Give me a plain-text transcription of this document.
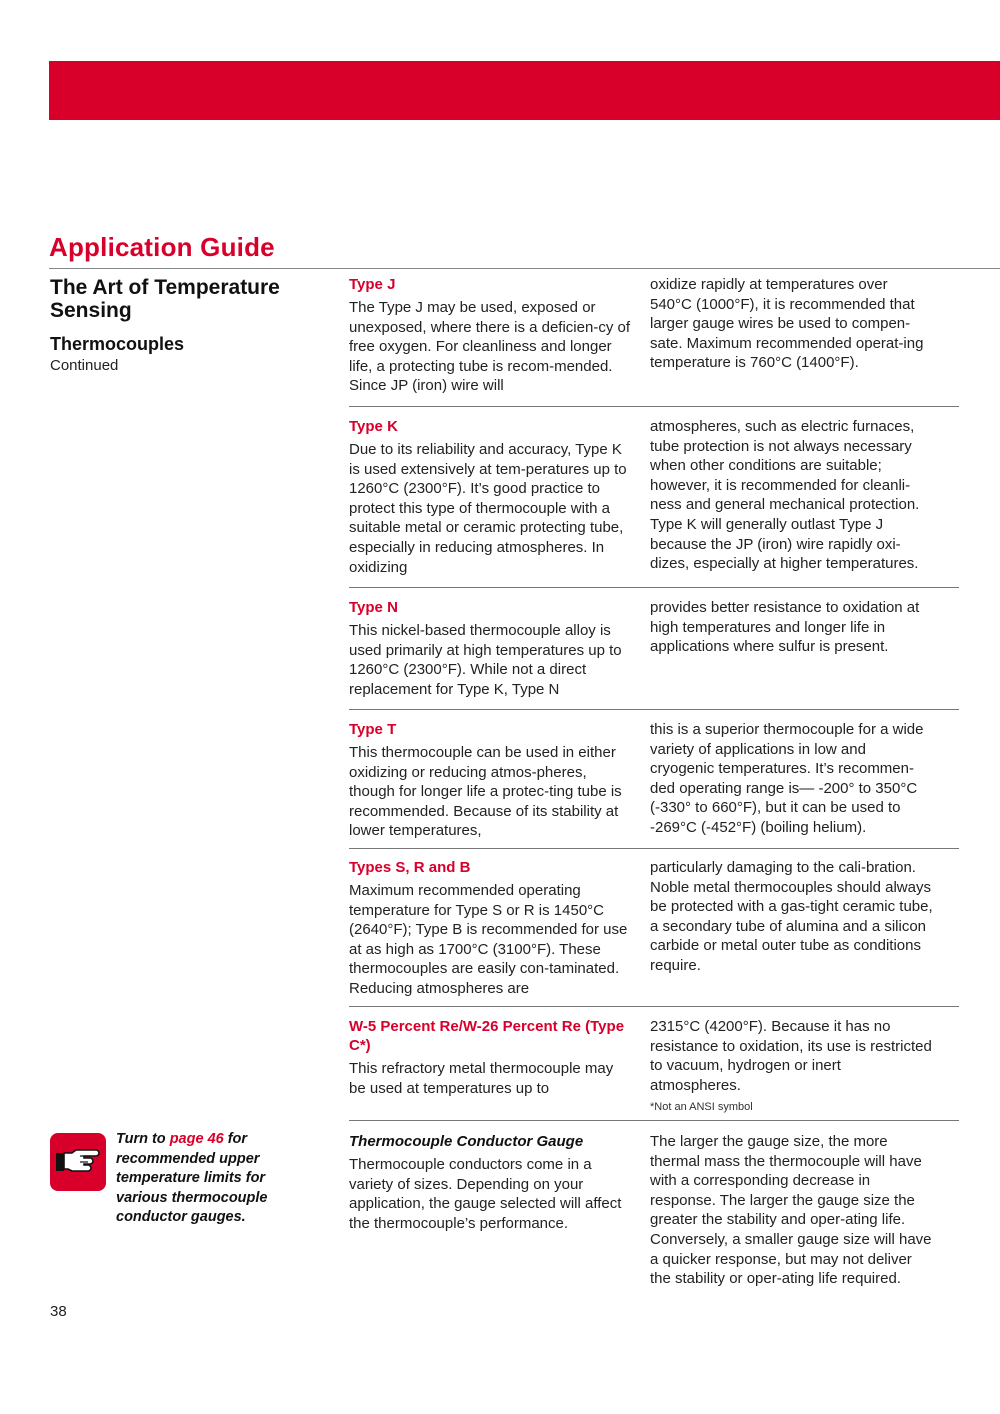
Application Guide
The Art of Temperature Sensing
Thermocouples

Continued

Type J

The Type J may be used, exposed or unexposed, where there is a deficien-cy of free oxygen. For cleanliness and longer life, a protecting tube is recom-mended. Since JP (iron) wire will

oxidize rapidly at temperatures over 540°C (1000°F), it is recommended that larger gauge wires be used to compen-sate. Maximum recommended operat-ing temperature is 760°C (1400°F).

Type K

Due to its reliability and accuracy, Type K is used extensively at tem-peratures up to 1260°C (2300°F). It’s good practice to protect this type of thermocouple with a suitable metal or ceramic protecting tube, especially in reducing atmospheres. In oxidizing

atmospheres, such as electric furnaces, tube protection is not always necessary when other conditions are suitable; however, it is recommended for cleanli-ness and general mechanical protection. Type K will generally outlast Type J because the JP (iron) wire rapidly oxi-dizes, especially at higher temperatures.

Type N

This nickel-based thermocouple alloy is used primarily at high temperatures up to 1260°C (2300°F). While not a direct replacement for Type K, Type N

provides better resistance to oxidation at high temperatures and longer life in applications where sulfur is present.

Type T

This thermocouple can be used in either oxidizing or reducing atmos-pheres, though for longer life a protec-ting tube is recommended. Because of its stability at lower temperatures,

this is a superior thermocouple for a wide variety of applications in low and cryogenic temperatures. It’s recommen-ded operating range is— -200° to 350°C (-330° to 660°F), but it can be used to -269°C (-452°F) (boiling helium).

Types S, R and B

Maximum recommended operating temperature for Type S or R is 1450°C (2640°F); Type B is recommended for use at as high as 1700°C (3100°F). These thermocouples are easily con-taminated. Reducing atmospheres are

particularly damaging to the cali-bration. Noble metal thermocouples should always be protected with a gas-tight ceramic tube, a secondary tube of alumina and a silicon carbide or metal outer tube as conditions require.

W-5 Percent Re/W-26 Percent Re (Type C*)

This refractory metal thermocouple may be used at temperatures up to

2315°C (4200°F). Because it has no resistance to oxidation, its use is restricted to vacuum, hydrogen or inert atmospheres.

*Not an ANSI symbol

Thermocouple Conductor Gauge

Thermocouple conductors come in a variety of sizes. Depending on your application, the gauge selected will affect the thermocouple’s performance.

The larger the gauge size, the more thermal mass the thermocouple will have with a corresponding decrease in response. The larger the gauge size the greater the stability and oper-ating life. Conversely, a smaller gauge size will have a quicker response, but may not deliver the stability or oper-ating life required.

Turn to page 46 for recommended upper temperature limits for various thermocouple conductor gauges.

38
